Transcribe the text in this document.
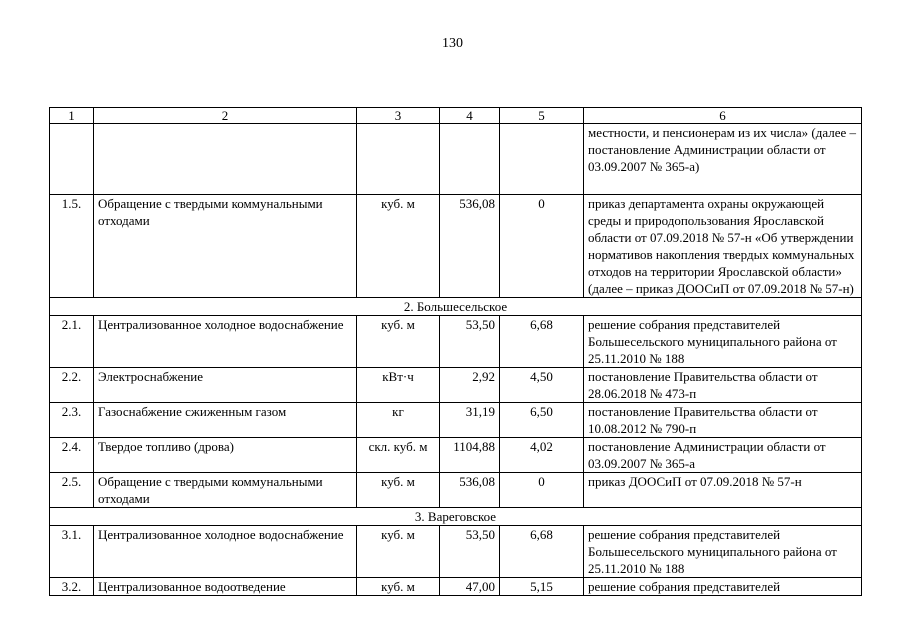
130
1	2	3	4	5	6
					местности, и пенсионерам из их числа» (далее – постановление Администрации области от 03.09.2007 № 365-а)
1.5.	Обращение с твердыми коммунальными отходами	куб. м	536,08	0	приказ департамента охраны окружающей среды и природопользования Ярославской области от 07.09.2018 № 57-н «Об утверждении нормативов накопления твердых коммунальных отходов на территории Ярославской области» (далее – приказ ДООСиП от 07.09.2018 № 57-н)
2. Большесельское					
2.1.	Централизованное холодное водоснабжение	куб. м	53,50	6,68	решение собрания представителей Большесельского муниципального района от 25.11.2010 № 188
2.2.	Электроснабжение	кВт·ч	2,92	4,50	постановление Правительства области от 28.06.2018 № 473-п
2.3.	Газоснабжение сжиженным газом	кг	31,19	6,50	постановление Правительства области от 10.08.2012 № 790-п
2.4.	Твердое топливо (дрова)	скл. куб. м	1104,88	4,02	постановление Администрации области от 03.09.2007 № 365-а
2.5.	Обращение с твердыми коммунальными отходами	куб. м	536,08	0	приказ ДООСиП от 07.09.2018 № 57-н
3. Вареговское					
3.1.	Централизованное холодное водоснабжение	куб. м	53,50	6,68	решение собрания представителей Большесельского муниципального района от 25.11.2010 № 188
3.2.	Централизованное водоотведение	куб. м	47,00	5,15	решение собрания представителей
